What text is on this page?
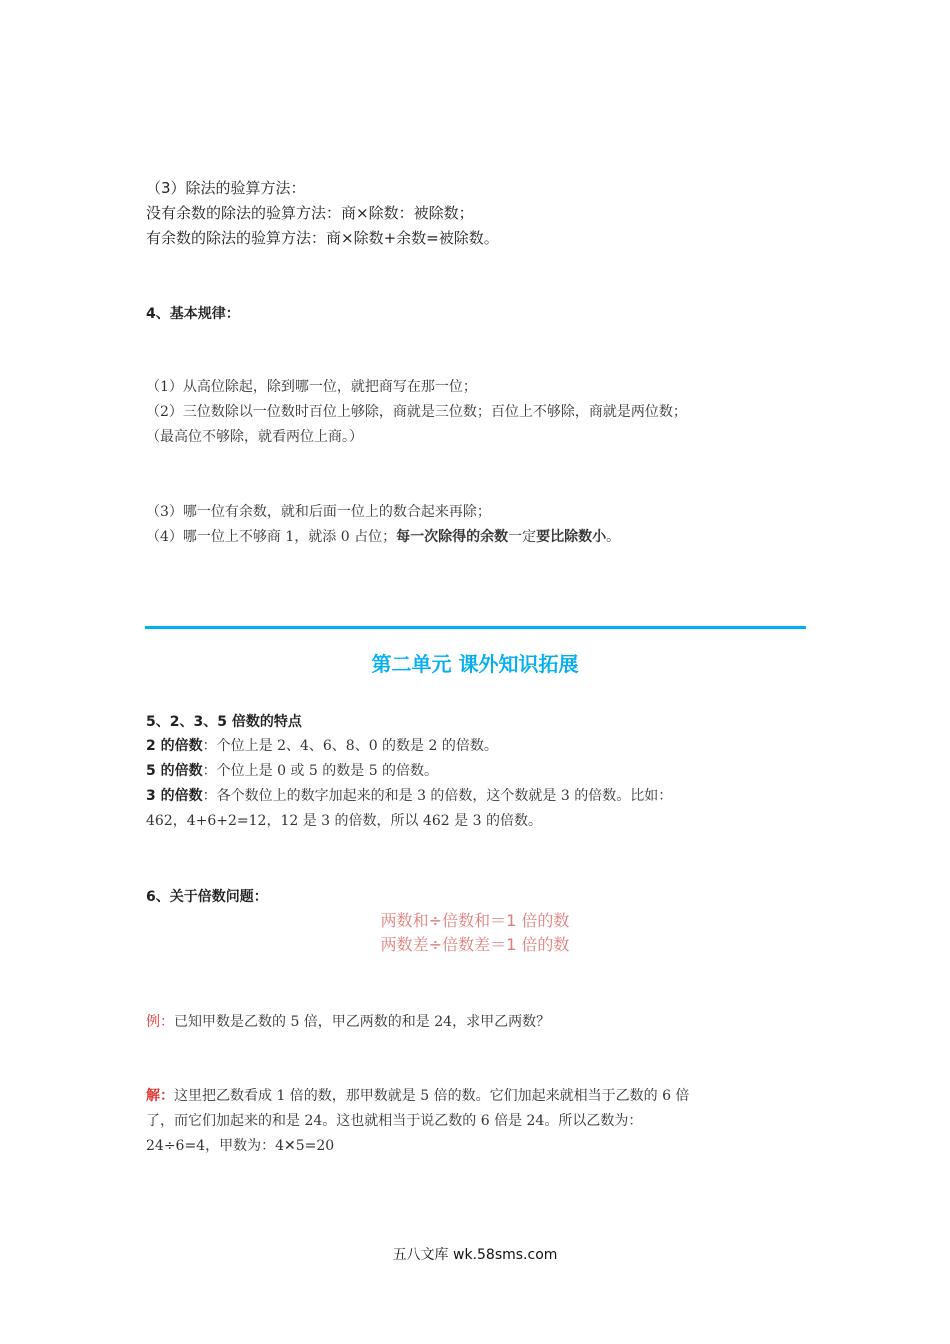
（3）除法的验算方法：
没有余数的除法的验算方法：商×除数：被除数；
有余数的除法的验算方法：商×除数+余数=被除数。
4、基本规律：
（1）从高位除起，除到哪一位，就把商写在那一位；
（2）三位数除以一位数时百位上够除，商就是三位数；百位上不够除，商就是两位数；
（最高位不够除，就看两位上商。）
（3）哪一位有余数，就和后面一位上的数合起来再除；
（4）哪一位上不够商 1，就添 0 占位；每一次除得的余数一定要比除数小。
第二单元 课外知识拓展
5、2、3、5 倍数的特点
2 的倍数：个位上是 2、4、6、8、0 的数是 2 的倍数。
5 的倍数：个位上是 0 或 5 的数是 5 的倍数。
3 的倍数：各个数位上的数字加起来的和是 3 的倍数，这个数就是 3 的倍数。比如：
462，4+6+2=12，12 是 3 的倍数，所以 462 是 3 的倍数。
6、关于倍数问题：
两数和÷倍数和＝1 倍的数
两数差÷倍数差＝1 倍的数
例：已知甲数是乙数的 5 倍，甲乙两数的和是 24，求甲乙两数？
解：这里把乙数看成 1 倍的数，那甲数就是 5 倍的数。它们加起来就相当于乙数的 6 倍
了，而它们加起来的和是 24。这也就相当于说乙数的 6 倍是 24。所以乙数为：
24÷6=4，甲数为：4✕5=20
五八文库 wk.58sms.com
